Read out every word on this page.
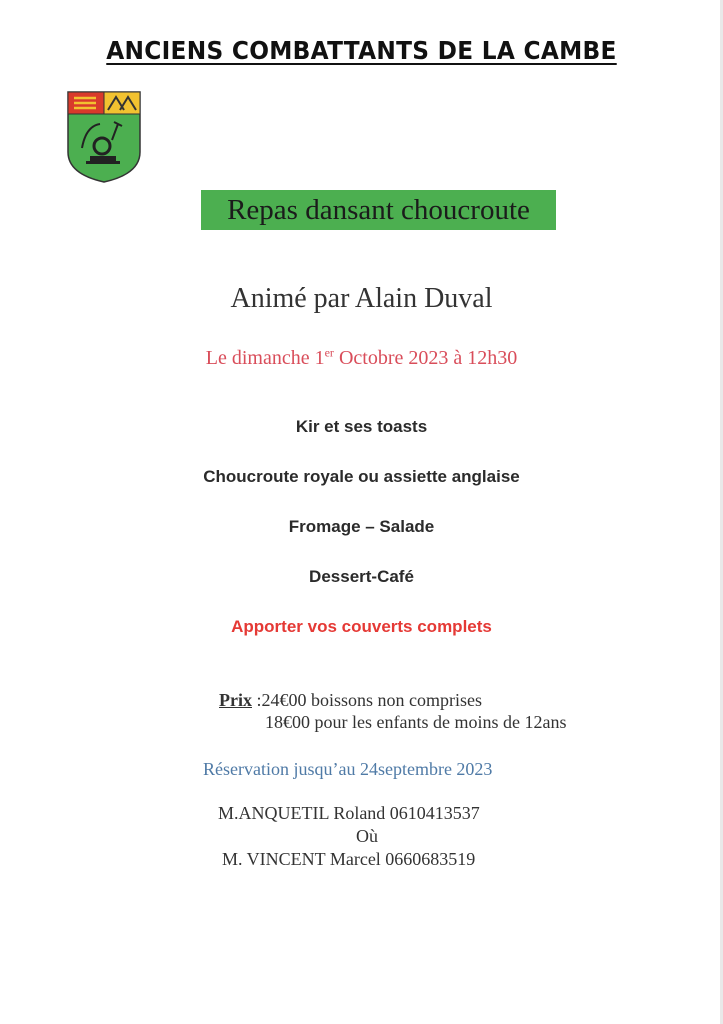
ANCIENS COMBATTANTS DE LA CAMBE
Repas dansant choucroute
Animé par Alain Duval
Le dimanche 1er Octobre 2023 à 12h30
Kir et ses toasts
Choucroute royale ou assiette anglaise
Fromage – Salade
Dessert-Café
Apporter vos couverts complets
Prix :24€00 boissons non comprises
18€00 pour les enfants de moins de 12ans
Réservation jusqu’au 24septembre 2023
M.ANQUETIL Roland 0610413537
Où
M. VINCENT Marcel 0660683519
